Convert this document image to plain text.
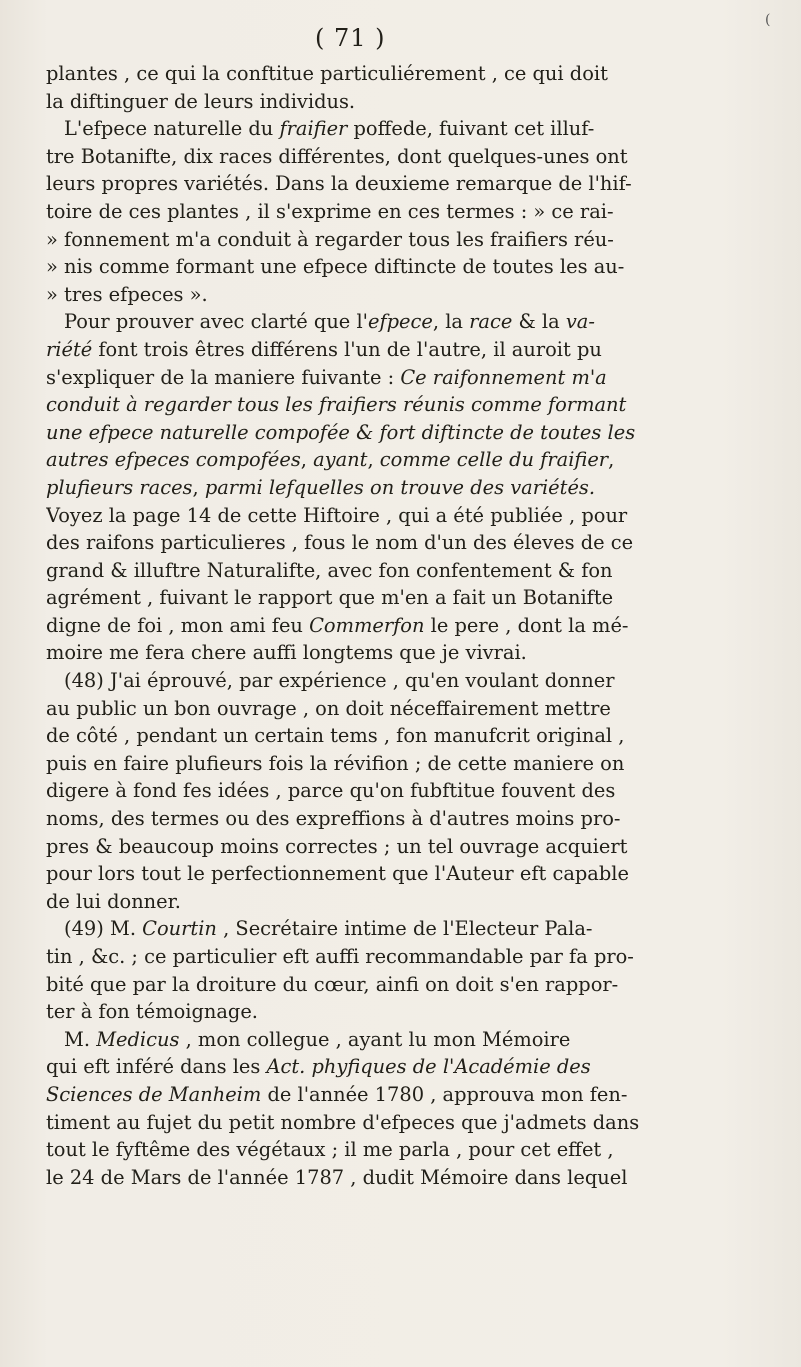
(
( 71 )
plantes , ce qui la conftitue particuliérement , ce qui doit
la diftinguer de leurs individus.
L'efpece naturelle du fraifier poffede, fuivant cet illuf-
tre Botanifte, dix races différentes, dont quelques-unes ont
leurs propres variétés. Dans la deuxieme remarque de l'hif-
toire de ces plantes , il s'exprime en ces termes : » ce rai-
» fonnement m'a conduit à regarder tous les fraifiers réu-
» nis comme formant une efpece diftincte de toutes les au-
» tres efpeces ».
Pour prouver avec clarté que l'efpece, la race & la va-
riété font trois êtres différens l'un de l'autre, il auroit pu
s'expliquer de la maniere fuivante : Ce raifonnement m'a
conduit à regarder tous les fraifiers réunis comme formant
une efpece naturelle compofée & fort diftincte de toutes les
autres efpeces compofées, ayant, comme celle du fraifier,
plufieurs races, parmi lefquelles on trouve des variétés.
Voyez la page 14 de cette Hiftoire , qui a été publiée , pour
des raifons particulieres , fous le nom d'un des éleves de ce
grand & illuftre Naturalifte, avec fon confentement & fon
agrément , fuivant le rapport que m'en a fait un Botanifte
digne de foi , mon ami feu Commerfon le pere , dont la mé-
moire me fera chere auffi longtems que je vivrai.
(48) J'ai éprouvé, par expérience , qu'en voulant donner
au public un bon ouvrage , on doit néceffairement mettre
de côté , pendant un certain tems , fon manufcrit original ,
puis en faire plufieurs fois la révifion ; de cette maniere on
digere à fond fes idées , parce qu'on fubftitue fouvent des
noms, des termes ou des expreffions à d'autres moins pro-
pres & beaucoup moins correctes ; un tel ouvrage acquiert
pour lors tout le perfectionnement que l'Auteur eft capable
de lui donner.
(49) M. Courtin , Secrétaire intime de l'Electeur Pala-
tin , &c. ; ce particulier eft auffi recommandable par fa pro-
bité que par la droiture du cœur, ainfi on doit s'en rappor-
ter à fon témoignage.
M. Medicus , mon collegue , ayant lu mon Mémoire
qui eft inféré dans les Act. phyfiques de l'Académie des
Sciences de Manheim de l'année 1780 , approuva mon fen-
timent au fujet du petit nombre d'efpeces que j'admets dans
tout le fyftême des végétaux ; il me parla , pour cet effet ,
le 24 de Mars de l'année 1787 , dudit Mémoire dans lequel
